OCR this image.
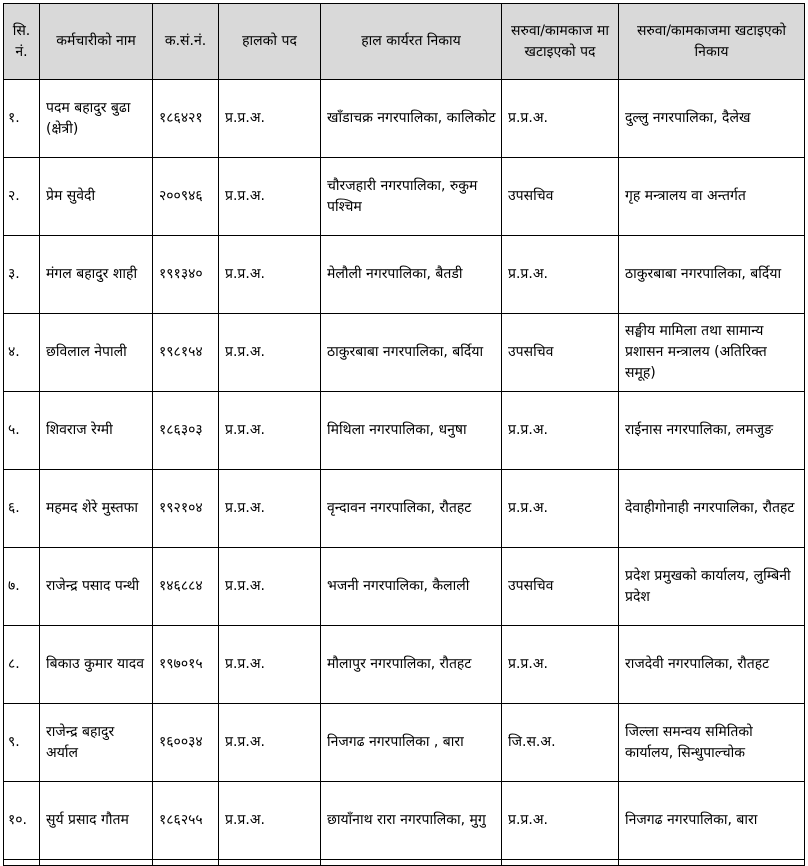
सि. नं.	कर्मचारीको नाम	क.सं.नं.	हालको पद	हाल कार्यरत निकाय	सरुवा/कामकाज मा खटाइएको पद	सरुवा/कामकाजमा खटाइएको निकाय
१.	पदम बहादुर बुढा (क्षेत्री)	१८६४२१	प्र.प्र.अ.	खाँडाचक्र नगरपालिका, कालिकोट	प्र.प्र.अ.	दुल्लु नगरपालिका, दैलेख
२.	प्रेम सुवेदी	२००९४६	प्र.प्र.अ.	चौरजहारी नगरपालिका, रुकुम पश्चिम	उपसचिव	गृह मन्त्रालय वा अन्तर्गत
३.	मंगल बहादुर शाही	१९१३४०	प्र.प्र.अ.	मेलौली नगरपालिका, बैतडी	प्र.प्र.अ.	ठाकुरबाबा नगरपालिका, बर्दिया
४.	छविलाल नेपाली	१९८१५४	प्र.प्र.अ.	ठाकुरबाबा नगरपालिका, बर्दिया	उपसचिव	सङ्घीय मामिला तथा सामान्य प्रशासन मन्त्रालय (अतिरिक्त समूह)
५.	शिवराज रेग्मी	१८६३०३	प्र.प्र.अ.	मिथिला नगरपालिका, धनुषा	प्र.प्र.अ.	राईनास नगरपालिका, लमजुङ
६.	महमद शेरे मुस्तफा	१९२१०४	प्र.प्र.अ.	वृन्दावन नगरपालिका, रौतहट	प्र.प्र.अ.	देवाहीगोनाही नगरपालिका, रौतहट
७.	राजेन्द्र पसाद पन्थी	१४६८८४	प्र.प्र.अ.	भजनी नगरपालिका, कैलाली	उपसचिव	प्रदेश प्रमुखको कार्यालय, लुम्बिनी प्रदेश
८.	बिकाउ कुमार यादव	१९७०१५	प्र.प्र.अ.	मौलापुर नगरपालिका, रौतहट	प्र.प्र.अ.	राजदेवी नगरपालिका, रौतहट
९.	राजेन्द्र बहादुर अर्याल	१६००३४	प्र.प्र.अ.	निजगढ नगरपालिका , बारा	जि.स.अ.	जिल्ला समन्वय समितिको कार्यालय, सिन्धुपाल्चोक
१०.	सुर्य प्रसाद गौतम	१८६२५५	प्र.प्र.अ.	छायाँनाथ रारा नगरपालिका, मुगु	प्र.प्र.अ.	निजगढ नगरपालिका, बारा
